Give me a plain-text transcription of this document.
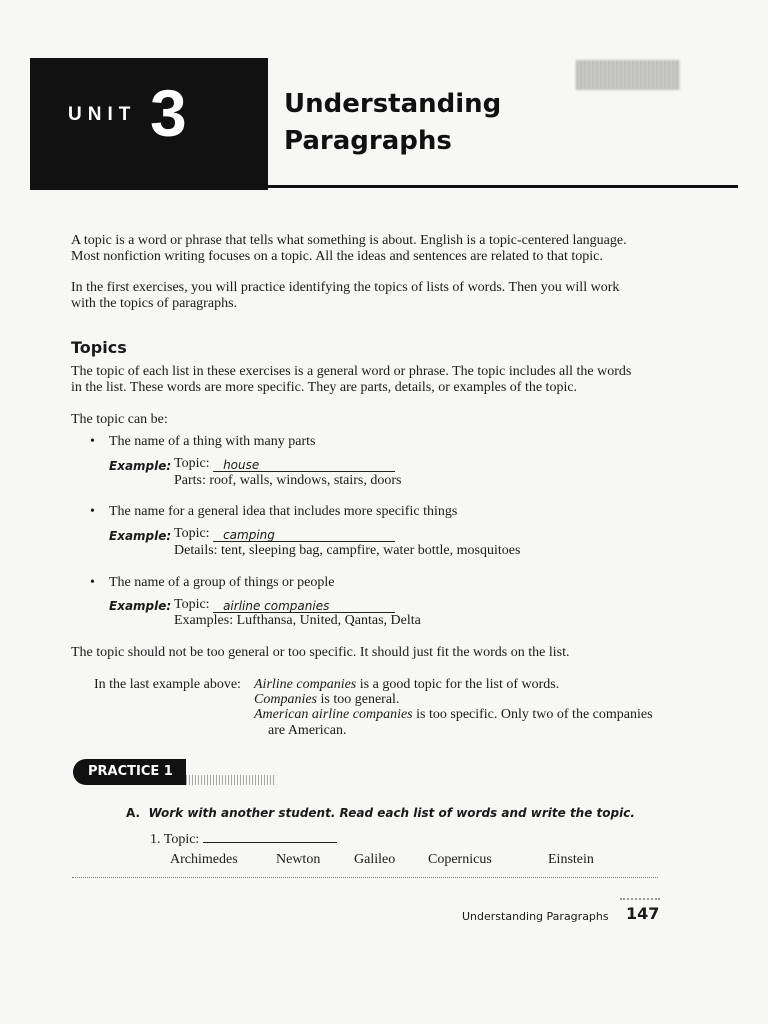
UNIT 3	Understanding
Paragraphs
A topic is a word or phrase that tells what something is about. English is a topic-centered language.
Most nonfiction writing focuses on a topic. All the ideas and sentences are related to that topic.
In the first exercises, you will practice identifying the topics of lists of words. Then you will work
with the topics of paragraphs.
Topics
The topic of each list in these exercises is a general word or phrase. The topic includes all the words
in the list. These words are more specific. They are parts, details, or examples of the topic.
The topic can be:
• The name of a thing with many parts
Example: Topic: house
Parts: roof, walls, windows, stairs, doors
• The name for a general idea that includes more specific things
Example: Topic: camping
Details: tent, sleeping bag, campfire, water bottle, mosquitoes
• The name of a group of things or people
Example: Topic: airline companies
Examples: Lufthansa, United, Qantas, Delta
The topic should not be too general or too specific. It should just fit the words on the list.
In the last example above: Airline companies is a good topic for the list of words.
Companies is too general.
American airline companies is too specific. Only two of the companies
are American.
PRACTICE 1
A. Work with another student. Read each list of words and write the topic.
1. Topic:
Archimedes	Newton Galileo Copernicus	Einstein
Understanding Paragraphs 147
